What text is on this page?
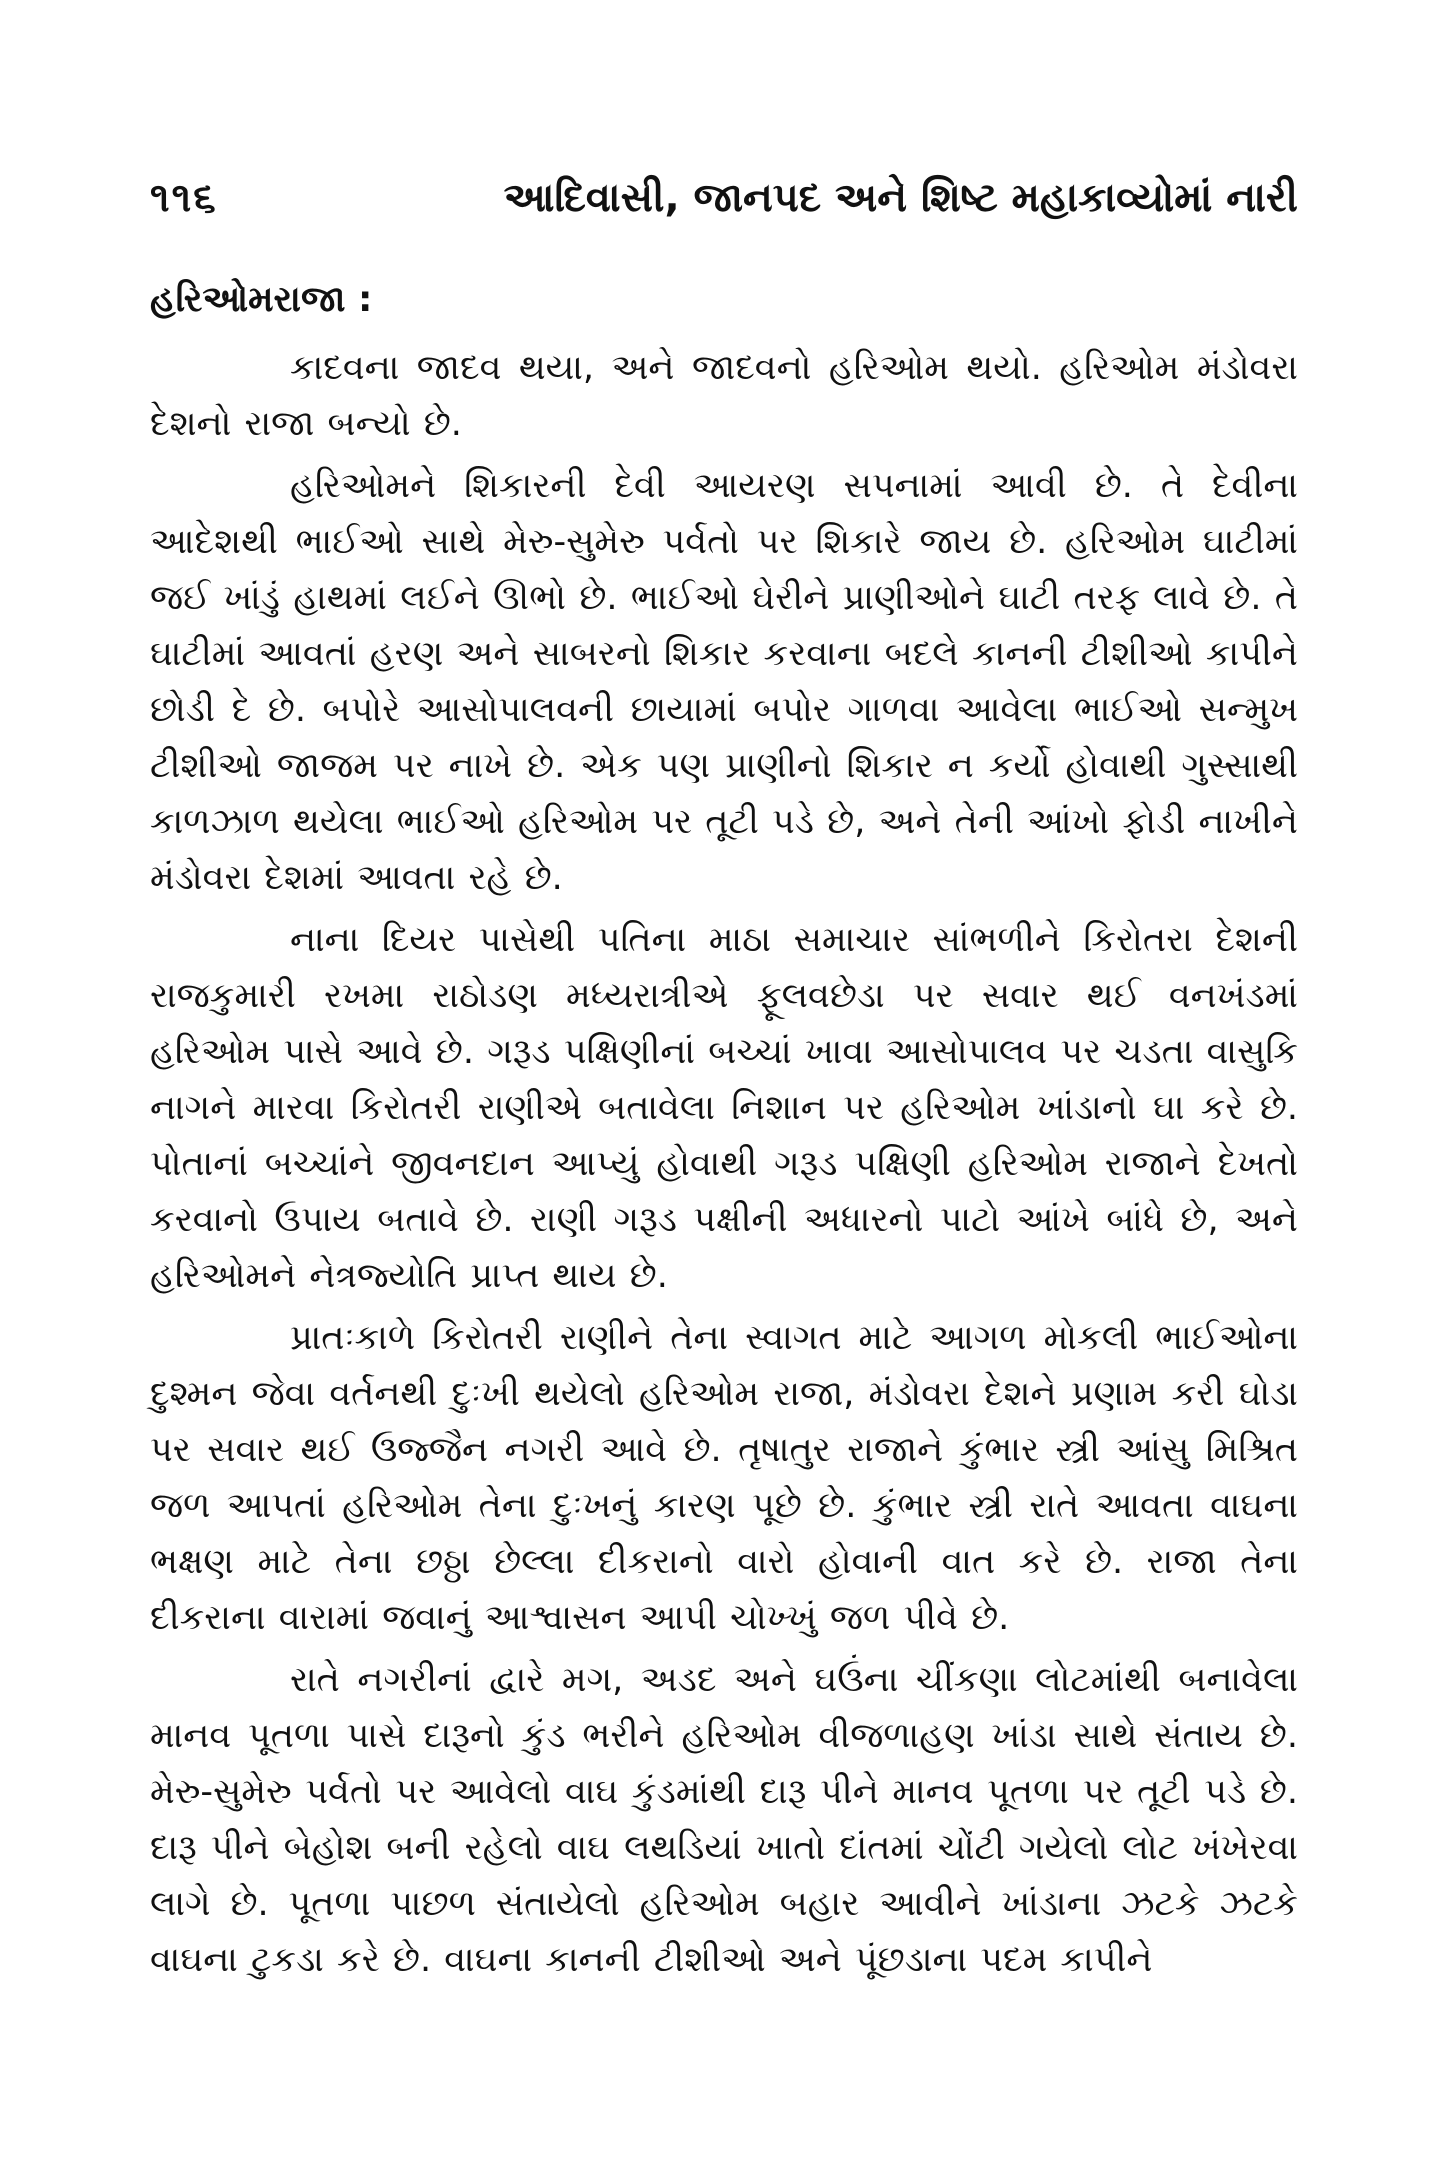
૧૧૬	આદિવાસી, જાનપદ અને શિષ્ટ મહાકાવ્યોમાં નારી
હરિઓમરાજા :

કાદવના જાદવ થયા, અને જાદવનો હરિઓમ થયો. હરિઓમ મંડોવરા દેશનો રાજા બન્યો છે.

હરિઓમને શિકારની દેવી આયરણ સપનામાં આવી છે. તે દેવીના આદેશથી ભાઈઓ સાથે મેરુ-સુમેરુ પર્વતો પર શિકારે જાય છે. હરિઓમ ઘાટીમાં જઈ ખાંડું હાથમાં લઈને ઊભો છે. ભાઈઓ ઘેરીને પ્રાણીઓને ઘાટી તરફ લાવે છે. તે ઘાટીમાં આવતાં હરણ અને સાબરનો શિકાર કરવાના બદલે કાનની ટીશીઓ કાપીને છોડી દે છે. બપોરે આસોપાલવની છાયામાં બપોર ગાળવા આવેલા ભાઈઓ સન્મુખ ટીશીઓ જાજમ પર નાખે છે. એક પણ પ્રાણીનો શિકાર ન કર્યો હોવાથી ગુસ્સાથી કાળઝાળ થયેલા ભાઈઓ હરિઓમ પર તૂટી પડે છે, અને તેની આંખો ફોડી નાખીને મંડોવરા દેશમાં આવતા રહે છે.

નાના દિયર પાસેથી પતિના માઠા સમાચાર સાંભળીને કિરોતરા દેશની રાજકુમારી રખમા રાઠોડણ મધ્યરાત્રીએ ફૂલવછેડા પર સવાર થઈ વનખંડમાં હરિઓમ પાસે આવે છે. ગરૂડ પક્ષિણીનાં બચ્ચાં ખાવા આસોપાલવ પર ચડતા વાસુકિ નાગને મારવા કિરોતરી રાણીએ બતાવેલા નિશાન પર હરિઓમ ખાંડાનો ઘા કરે છે. પોતાનાં બચ્ચાંને જીવનદાન આપ્યું હોવાથી ગરૂડ પક્ષિણી હરિઓમ રાજાને દેખતો કરવાનો ઉપાય બતાવે છે. રાણી ગરૂડ પક્ષીની અધારનો પાટો આંખે બાંધે છે, અને હરિઓમને નેત્રજ્યોતિ પ્રાપ્ત થાય છે.

પ્રાતઃકાળે કિરોતરી રાણીને તેના સ્વાગત માટે આગળ મોકલી ભાઈઓના દુશ્મન જેવા વર્તનથી દુઃખી થયેલો હરિઓમ રાજા, મંડોવરા દેશને પ્રણામ કરી ઘોડા પર સવાર થઈ ઉજ્જૈન નગરી આવે છે. તૃષાતુર રાજાને કુંભાર સ્ત્રી આંસુ મિશ્રિત જળ આપતાં હરિઓમ તેના દુઃખનું કારણ પૂછે છે. કુંભાર સ્ત્રી રાતે આવતા વાઘના ભક્ષણ માટે તેના છઠ્ઠા છેલ્લા દીકરાનો વારો હોવાની વાત કરે છે. રાજા તેના દીકરાના વારામાં જવાનું આશ્વાસન આપી ચોખ્ખું જળ પીવે છે.

રાતે નગરીનાં દ્વારે મગ, અડદ અને ઘઉંના ચીંકણા લોટમાંથી બનાવેલા માનવ પૂતળા પાસે દારૂનો કુંડ ભરીને હરિઓમ વીજળાહણ ખાંડા સાથે સંતાય છે. મેરુ-સુમેરુ પર્વતો પર આવેલો વાઘ કુંડમાંથી દારૂ પીને માનવ પૂતળા પર તૂટી પડે છે. દારૂ પીને બેહોશ બની રહેલો વાઘ લથડિયાં ખાતો દાંતમાં ચોંટી ગયેલો લોટ ખંખેરવા લાગે છે. પૂતળા પાછળ સંતાયેલો હરિઓમ બહાર આવીને ખાંડાના ઝટકે ઝટકે વાઘના ટુકડા કરે છે. વાઘના કાનની ટીશીઓ અને પૂંછડાના પદમ કાપીને
